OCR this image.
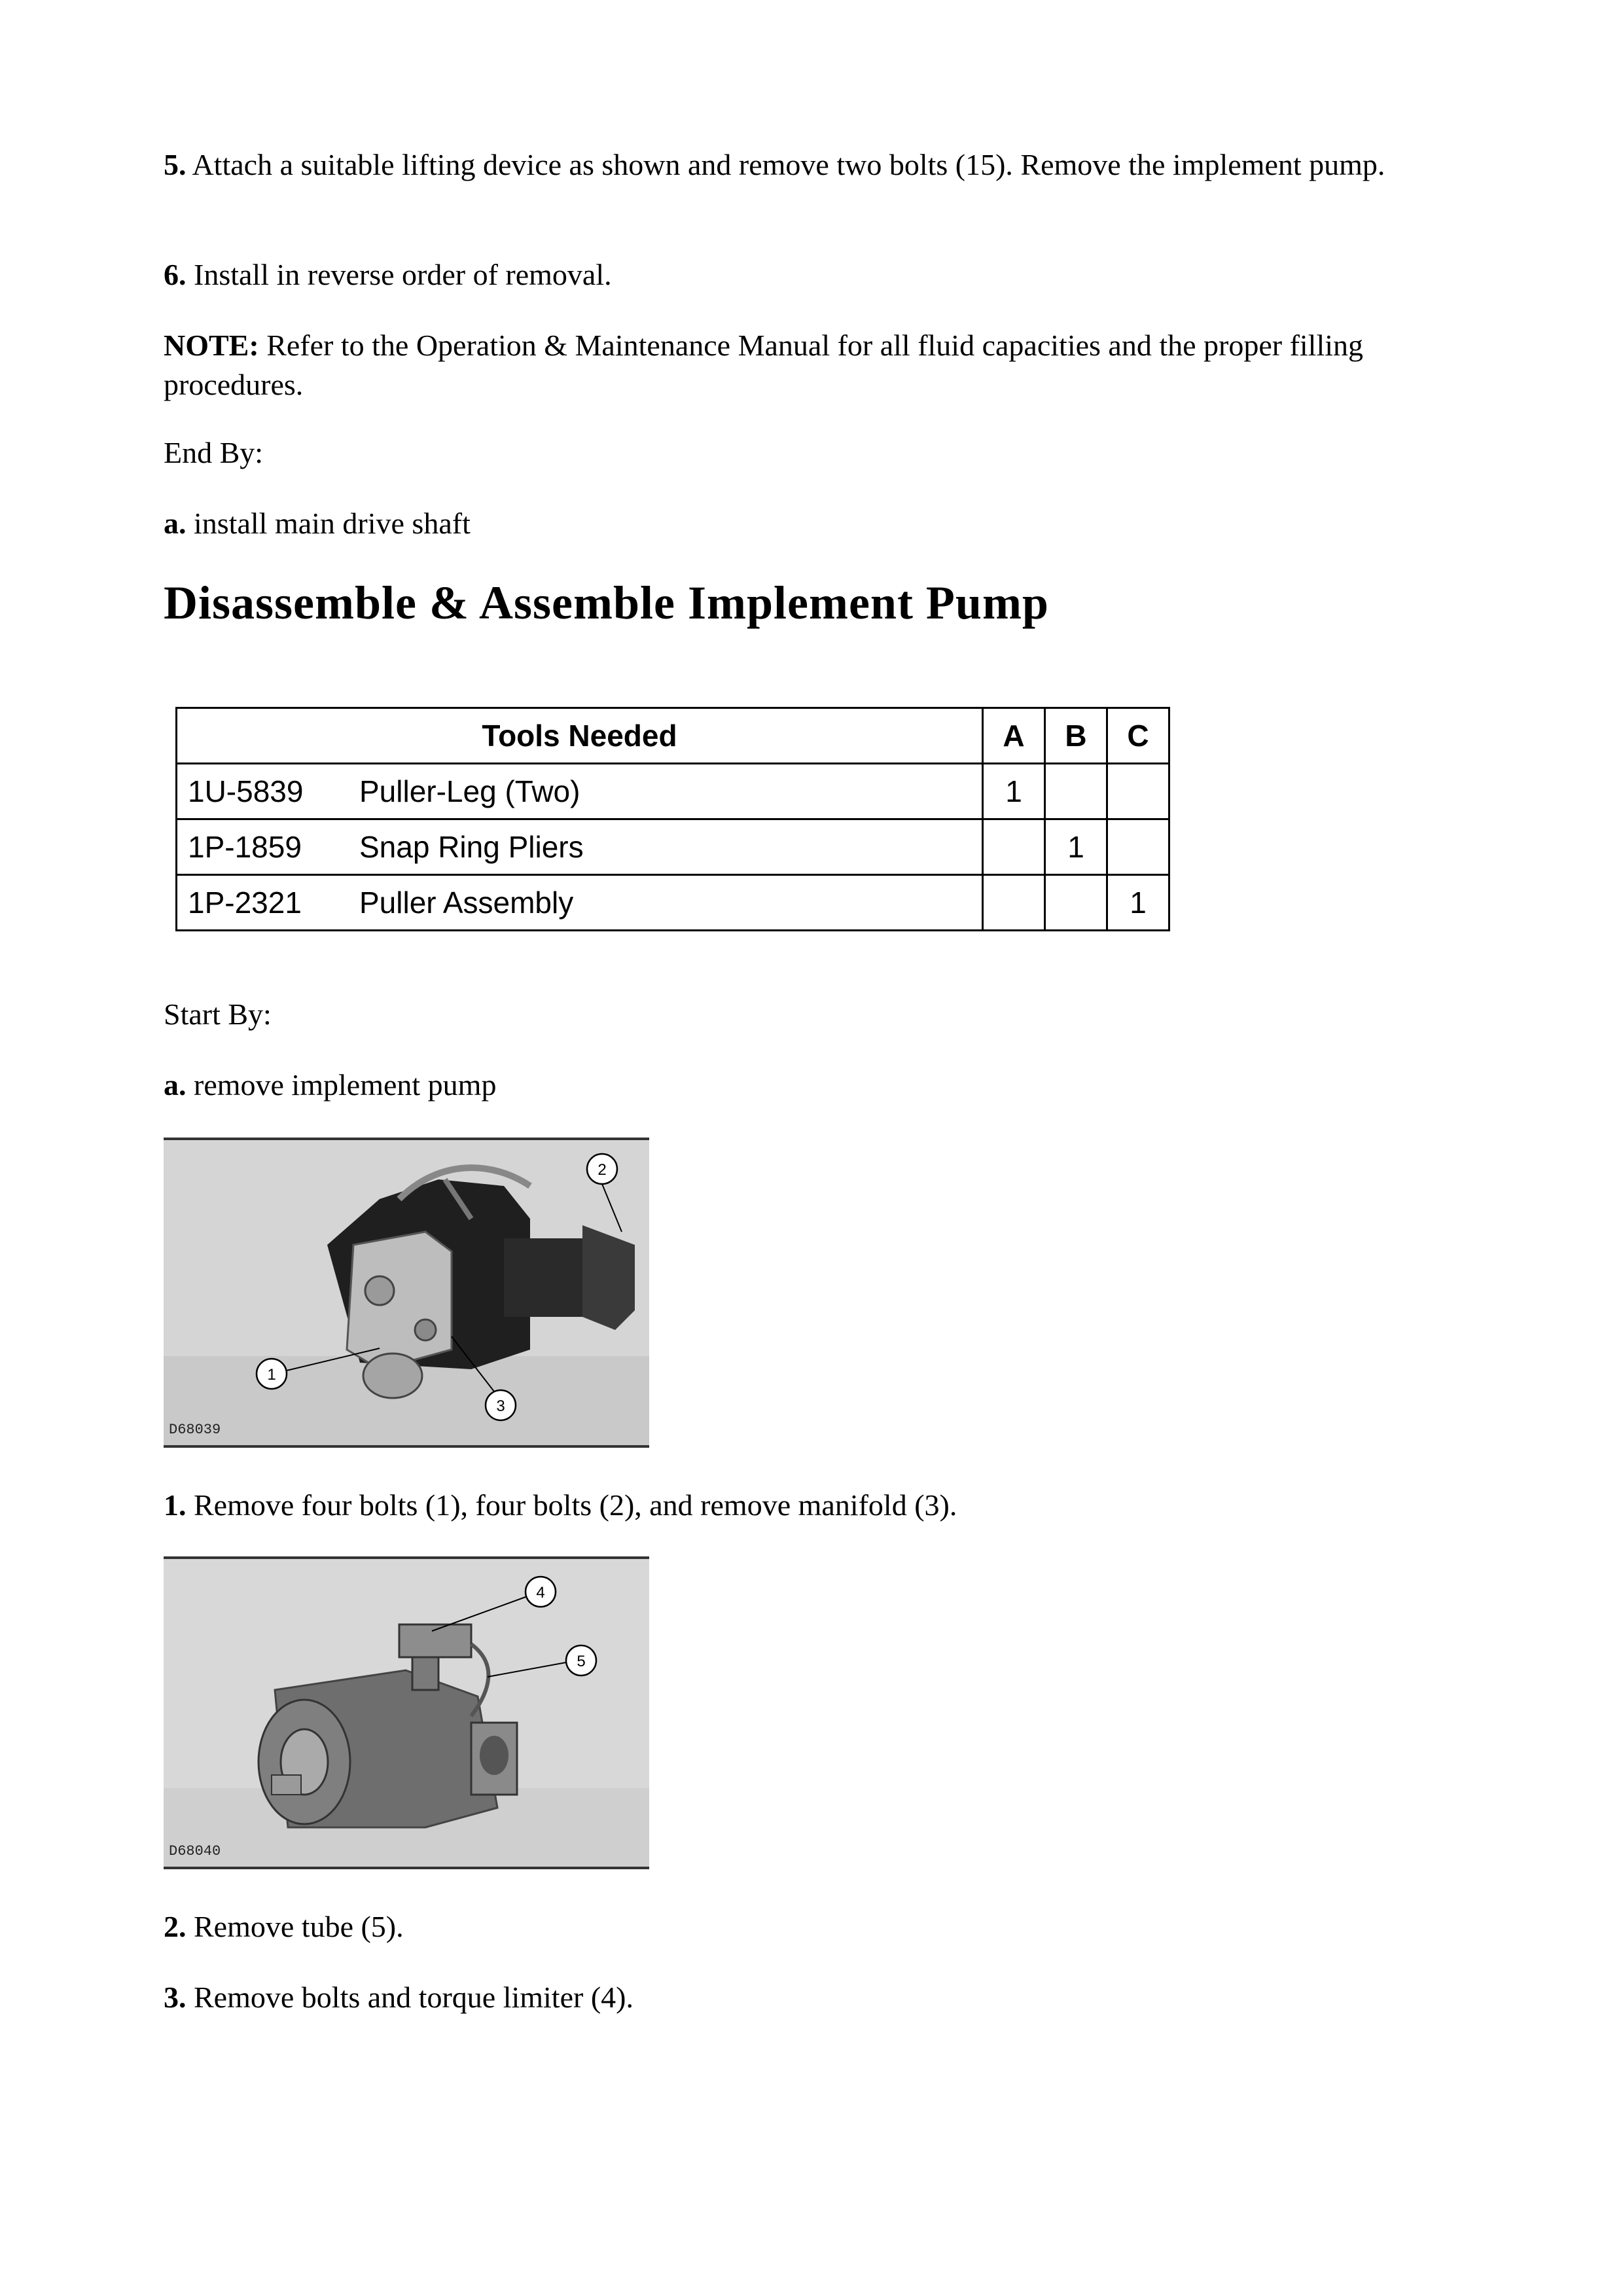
5. Attach a suitable lifting device as shown and remove two bolts (15). Remove the implement pump.

6. Install in reverse order of removal.

NOTE: Refer to the Operation & Maintenance Manual for all fluid capacities and the proper filling procedures.

End By:

a. install main drive shaft

Disassemble & Assemble Implement Pump
Tools Needed		A	B	C
1U-5839	Puller-Leg (Two)	1		
1P-1859	Snap Ring Pliers		1	
1P-2321	Puller Assembly			1

Start By:

a. remove implement pump

1
2
3
D68039

1. Remove four bolts (1), four bolts (2), and remove manifold (3).

4
5
D68040

2. Remove tube (5).

3. Remove bolts and torque limiter (4).
